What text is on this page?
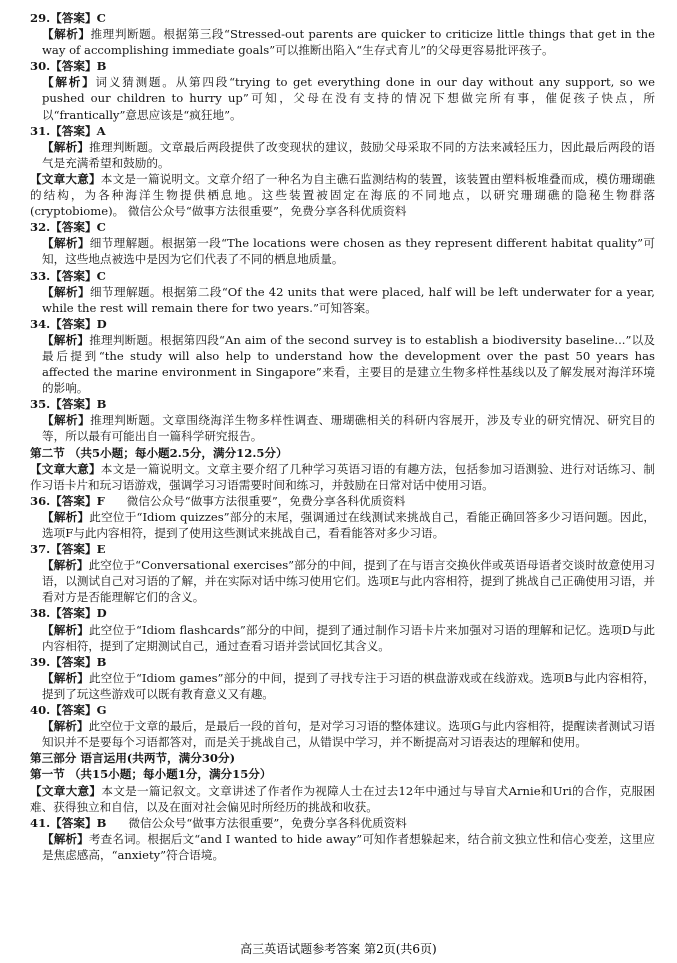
29.【答案】C
【解析】推理判断题。根据第三段“Stressed-out parents are quicker to criticize little things that get in the way of accomplishing immediate goals”可以推断出陷入“生存式育儿”的父母更容易批评孩子。
30.【答案】B
【解析】词义猜测题。从第四段“trying to get everything done in our day without any support, so we pushed our children to hurry up”可知，父母在没有支持的情况下想做完所有事，催促孩子快点，所以“frantically”意思应该是“疯狂地”。
31.【答案】A
【解析】推理判断题。文章最后两段提供了改变现状的建议，鼓励父母采取不同的方法来减轻压力，因此最后两段的语气是充满希望和鼓励的。
【文章大意】本文是一篇说明文。文章介绍了一种名为自主礁石监测结构的装置，该装置由塑料板堆叠而成，模仿珊瑚礁的结构，为各种海洋生物提供栖息地。这些装置被固定在海底的不同地点，以研究珊瑚礁的隐秘生物群落(cryptobiome)。 微信公众号“做事方法很重要”，免费分享各科优质资料
32.【答案】C
【解析】细节理解题。根据第一段“The locations were chosen as they represent different habitat quality”可知，这些地点被选中是因为它们代表了不同的栖息地质量。
33.【答案】C
【解析】细节理解题。根据第二段“Of the 42 units that were placed, half will be left underwater for a year, while the rest will remain there for two years.”可知答案。
34.【答案】D
【解析】推理判断题。根据第四段“An aim of the second survey is to establish a biodiversity baseline...”以及最后提到“the study will also help to understand how the development over the past 50 years has affected the marine environment in Singapore”来看，主要目的是建立生物多样性基线以及了解发展对海洋环境的影响。
35.【答案】B
【解析】推理判断题。文章围绕海洋生物多样性调查、珊瑚礁相关的科研内容展开，涉及专业的研究情况、研究目的等，所以最有可能出自一篇科学研究报告。
第二节 （共5小题；每小题2.5分，满分12.5分）
【文章大意】本文是一篇说明文。文章主要介绍了几种学习英语习语的有趣方法，包括参加习语测验、进行对话练习、制作习语卡片和玩习语游戏，强调学习习语需要时间和练习，并鼓励在日常对话中使用习语。
36.【答案】F 微信公众号“做事方法很重要”，免费分享各科优质资料
【解析】此空位于“Idiom quizzes”部分的末尾，强调通过在线测试来挑战自己，看能正确回答多少习语问题。因此，选项F与此内容相符，提到了使用这些测试来挑战自己，看看能答对多少习语。
37.【答案】E
【解析】此空位于“Conversational exercises”部分的中间，提到了在与语言交换伙伴或英语母语者交谈时故意使用习语，以测试自己对习语的了解，并在实际对话中练习使用它们。选项E与此内容相符，提到了挑战自己正确使用习语，并看对方是否能理解它们的含义。
38.【答案】D
【解析】此空位于“Idiom flashcards”部分的中间，提到了通过制作习语卡片来加强对习语的理解和记忆。选项D与此内容相符，提到了定期测试自己，通过查看习语并尝试回忆其含义。
39.【答案】B
【解析】此空位于“Idiom games”部分的中间，提到了寻找专注于习语的棋盘游戏或在线游戏。选项B与此内容相符，提到了玩这些游戏可以既有教育意义又有趣。
40.【答案】G
【解析】此空位于文章的最后，是最后一段的首句，是对学习习语的整体建议。选项G与此内容相符，提醒读者测试习语知识并不是要每个习语都答对，而是关于挑战自己，从错误中学习，并不断提高对习语表达的理解和使用。
第三部分 语言运用(共两节，满分30分)
第一节 （共15小题；每小题1分，满分15分）
【文章大意】本文是一篇记叙文。文章讲述了作者作为视障人士在过去12年中通过与导盲犬Arnie和Uri的合作，克服困难、获得独立和自信，以及在面对社会偏见时所经历的挑战和收获。
41.【答案】B 微信公众号“做事方法很重要”，免费分享各科优质资料
【解析】考查名词。根据后文“and I wanted to hide away”可知作者想躲起来，结合前文独立性和信心变差，这里应是焦虑感高，“anxiety”符合语境。
高三英语试题参考答案 第2页(共6页)
